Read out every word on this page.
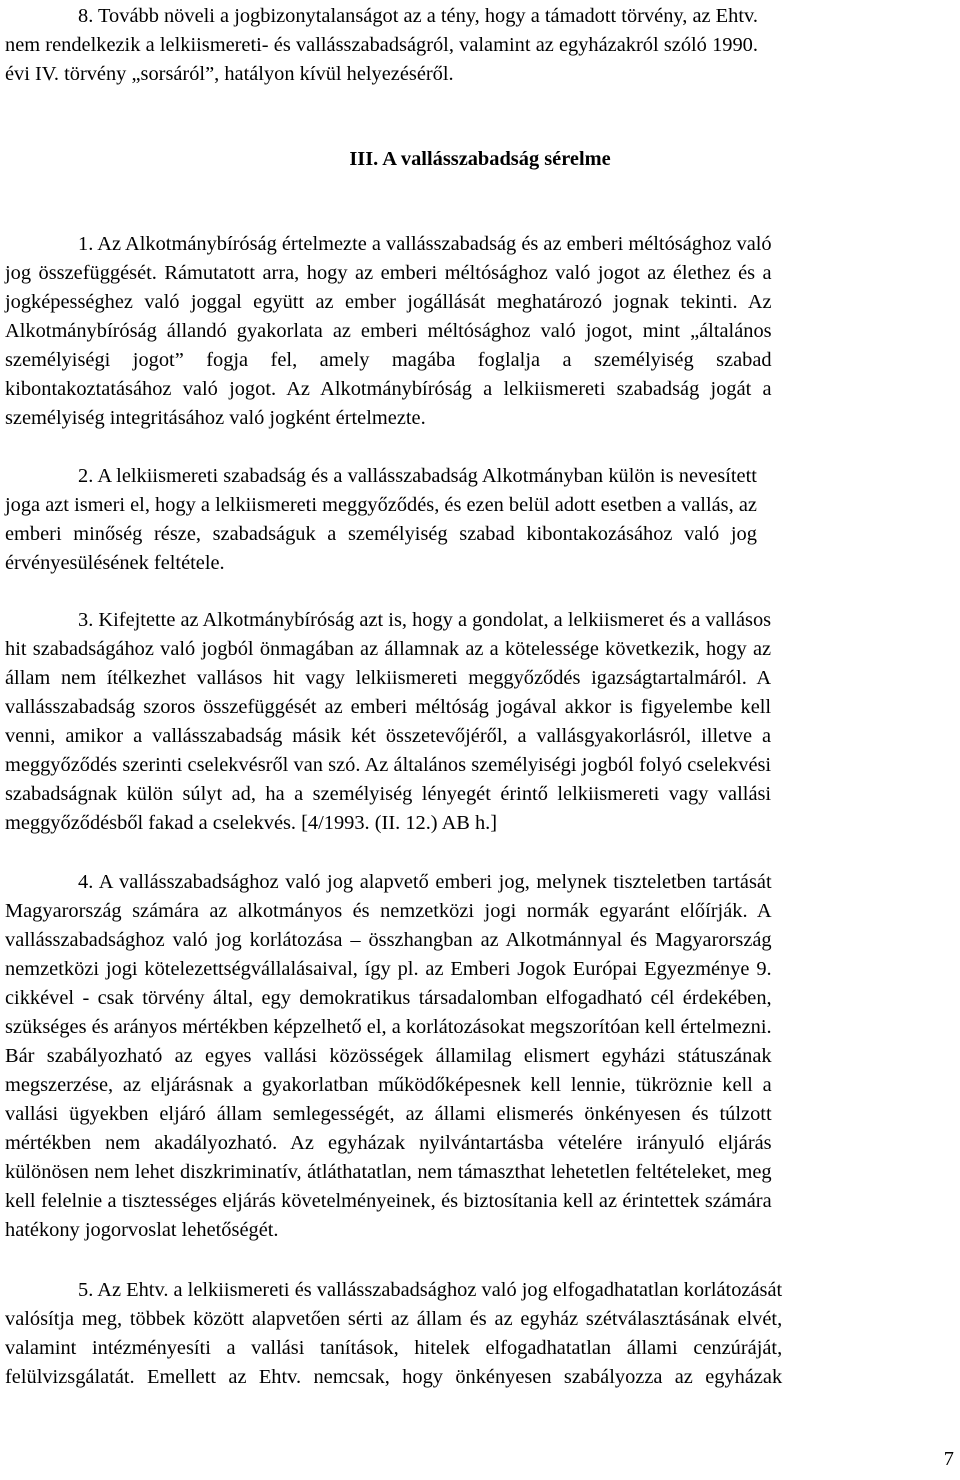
8. Tovább növeli a jogbizonytalanságot az a tény, hogy a támadott törvény, az Ehtv.
nem rendelkezik a lelkiismereti- és vallásszabadságról, valamint az egyházakról szóló 1990.
évi IV. törvény „sorsáról”, hatályon kívül helyezéséről.

III. A vallásszabadság sérelme

1. Az Alkotmánybíróság értelmezte a vallásszabadság és az emberi méltósághoz való
jog összefüggését. Rámutatott arra, hogy az emberi méltósághoz való jogot az élethez és a
jogképességhez való joggal együtt az ember jogállását meghatározó jognak tekinti. Az
Alkotmánybíróság állandó gyakorlata az emberi méltósághoz való jogot, mint „általános
személyiségi jogot” fogja fel, amely magába foglalja a személyiség szabad
kibontakoztatásához való jogot. Az Alkotmánybíróság a lelkiismereti szabadság jogát a
személyiség integritásához való jogként értelmezte.

2. A lelkiismereti szabadság és a vallásszabadság Alkotmányban külön is nevesített
joga azt ismeri el, hogy a lelkiismereti meggyőződés, és ezen belül adott esetben a vallás, az
emberi minőség része, szabadságuk a személyiség szabad kibontakozásához való jog
érvényesülésének feltétele.

3. Kifejtette az Alkotmánybíróság azt is, hogy a gondolat, a lelkiismeret és a vallásos
hit szabadságához való jogból önmagában az államnak az a kötelessége következik, hogy az
állam nem ítélkezhet vallásos hit vagy lelkiismereti meggyőződés igazságtartalmáról. A
vallásszabadság szoros összefüggését az emberi méltóság jogával akkor is figyelembe kell
venni, amikor a vallásszabadság másik két összetevőjéről, a vallásgyakorlásról, illetve a
meggyőződés szerinti cselekvésről van szó. Az általános személyiségi jogból folyó cselekvési
szabadságnak külön súlyt ad, ha a személyiség lényegét érintő lelkiismereti vagy vallási
meggyőződésből fakad a cselekvés. [4/1993. (II. 12.) AB h.]

4. A vallásszabadsághoz való jog alapvető emberi jog, melynek tiszteletben tartását
Magyarország számára az alkotmányos és nemzetközi jogi normák egyaránt előírják. A
vallásszabadsághoz való jog korlátozása – összhangban az Alkotmánnyal és Magyarország
nemzetközi jogi kötelezettségvállalásaival, így pl. az Emberi Jogok Európai Egyezménye 9.
cikkével - csak törvény által, egy demokratikus társadalomban elfogadható cél érdekében,
szükséges és arányos mértékben képzelhető el, a korlátozásokat megszorítóan kell értelmezni.
Bár szabályozható az egyes vallási közösségek államilag elismert egyházi státuszának
megszerzése, az eljárásnak a gyakorlatban működőképesnek kell lennie, tükröznie kell a
vallási ügyekben eljáró állam semlegességét, az állami elismerés önkényesen és túlzott
mértékben nem akadályozható. Az egyházak nyilvántartásba vételére irányuló eljárás
különösen nem lehet diszkriminatív, átláthatatlan, nem támaszthat lehetetlen feltételeket, meg
kell felelnie a tisztességes eljárás követelményeinek, és biztosítania kell az érintettek számára
hatékony jogorvoslat lehetőségét.

5. Az Ehtv. a lelkiismereti és vallásszabadsághoz való jog elfogadhatatlan korlátozását
valósítja meg, többek között alapvetően sérti az állam és az egyház szétválasztásának elvét,
valamint intézményesíti a vallási tanítások, hitelek elfogadhatatlan állami cenzúráját,
felülvizsgálatát. Emellett az Ehtv. nemcsak, hogy önkényesen szabályozza az egyházak

7
